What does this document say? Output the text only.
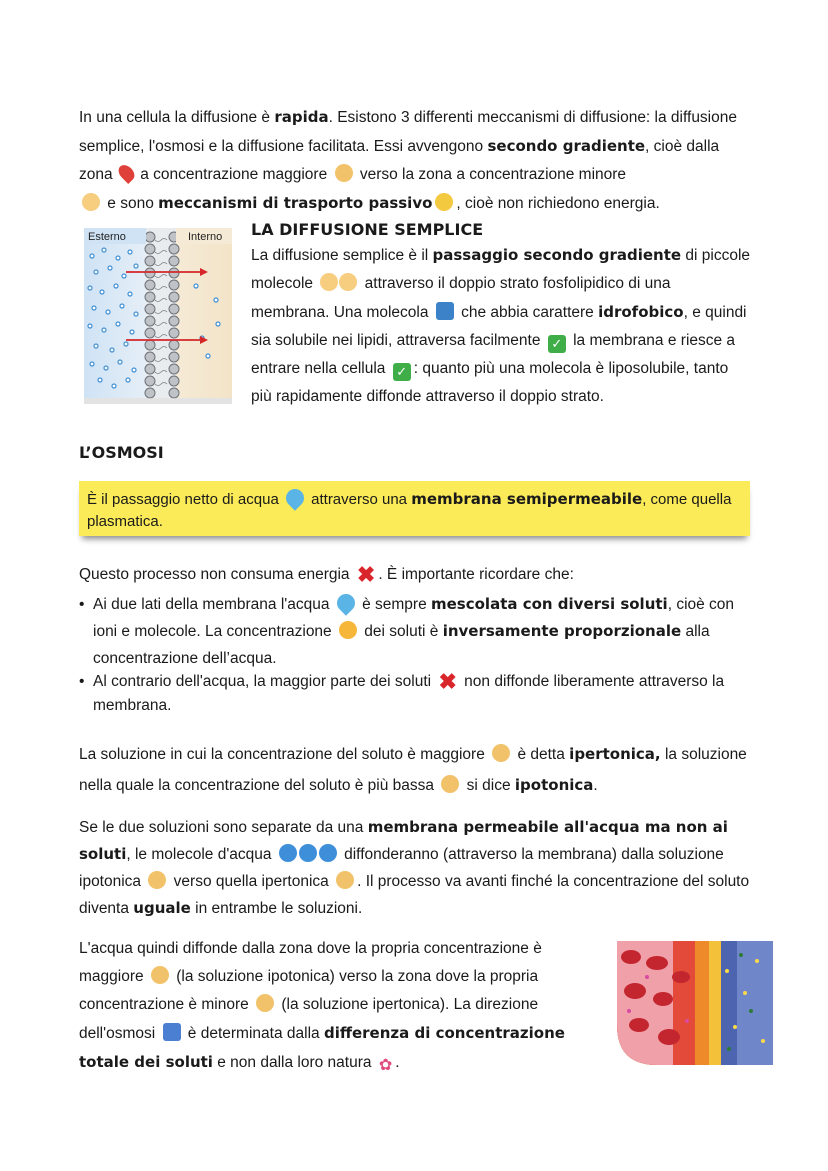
In una cellula la diffusione è rapida. Esistono 3 differenti meccanismi di diffusione: la diffusione semplice, l'osmosi e la diffusione facilitata. Essi avvengono secondo gradiente, cioè dalla zona  a concentrazione maggiore  verso la zona a concentrazione minore
e sono meccanismi di trasporto passivo , cioè non richiedono energia.

Esterno	Interno LA DIFFUSIONE SEMPLICE

La diffusione semplice è il passaggio secondo gradiente di piccole molecole	attraverso il doppio strato fosfolipidico di una membrana. Una molecola  che abbia carattere idrofobico, e quindi sia solubile nei lipidi, attraversa facilmente ✓ la membrana e riesce a entrare nella cellula ✓ : quanto più una molecola è liposolubile, tanto più rapidamente diffonde attraverso il doppio strato.

L’OSMOSI

È il passaggio netto di acqua  attraverso una membrana semipermeabile, come quella plasmatica.

Questo processo non consuma energia ✖ . È importante ricordare che:

• Ai due lati della membrana l'acqua  è sempre mescolata con diversi soluti, cioè con ioni e molecole. La concentrazione  dei soluti è inversamente proporzionale alla concentrazione dell’acqua.
• Al contrario dell'acqua, la maggior parte dei soluti ✖ non diffonde liberamente attraverso la membrana.

La soluzione in cui la concentrazione del soluto è maggiore  è detta ipertonica, la soluzione nella quale la concentrazione del soluto è più bassa  si dice ipotonica.

Se le due soluzioni sono separate da una membrana permeabile all'acqua ma non ai soluti, le molecole d'acqua	diffonderanno (attraverso la membrana) dalla soluzione ipotonica  verso quella ipertonica . Il processo va avanti finché la concentrazione del soluto diventa uguale in entrambe le soluzioni.

L'acqua quindi diffonde dalla zona dove la propria concentrazione è maggiore  (la soluzione ipotonica) verso la zona dove la propria concentrazione è minore  (la soluzione ipertonica). La direzione dell'osmosi  è determinata dalla differenza di concentrazione totale dei soluti e non dalla loro natura ✿ .
